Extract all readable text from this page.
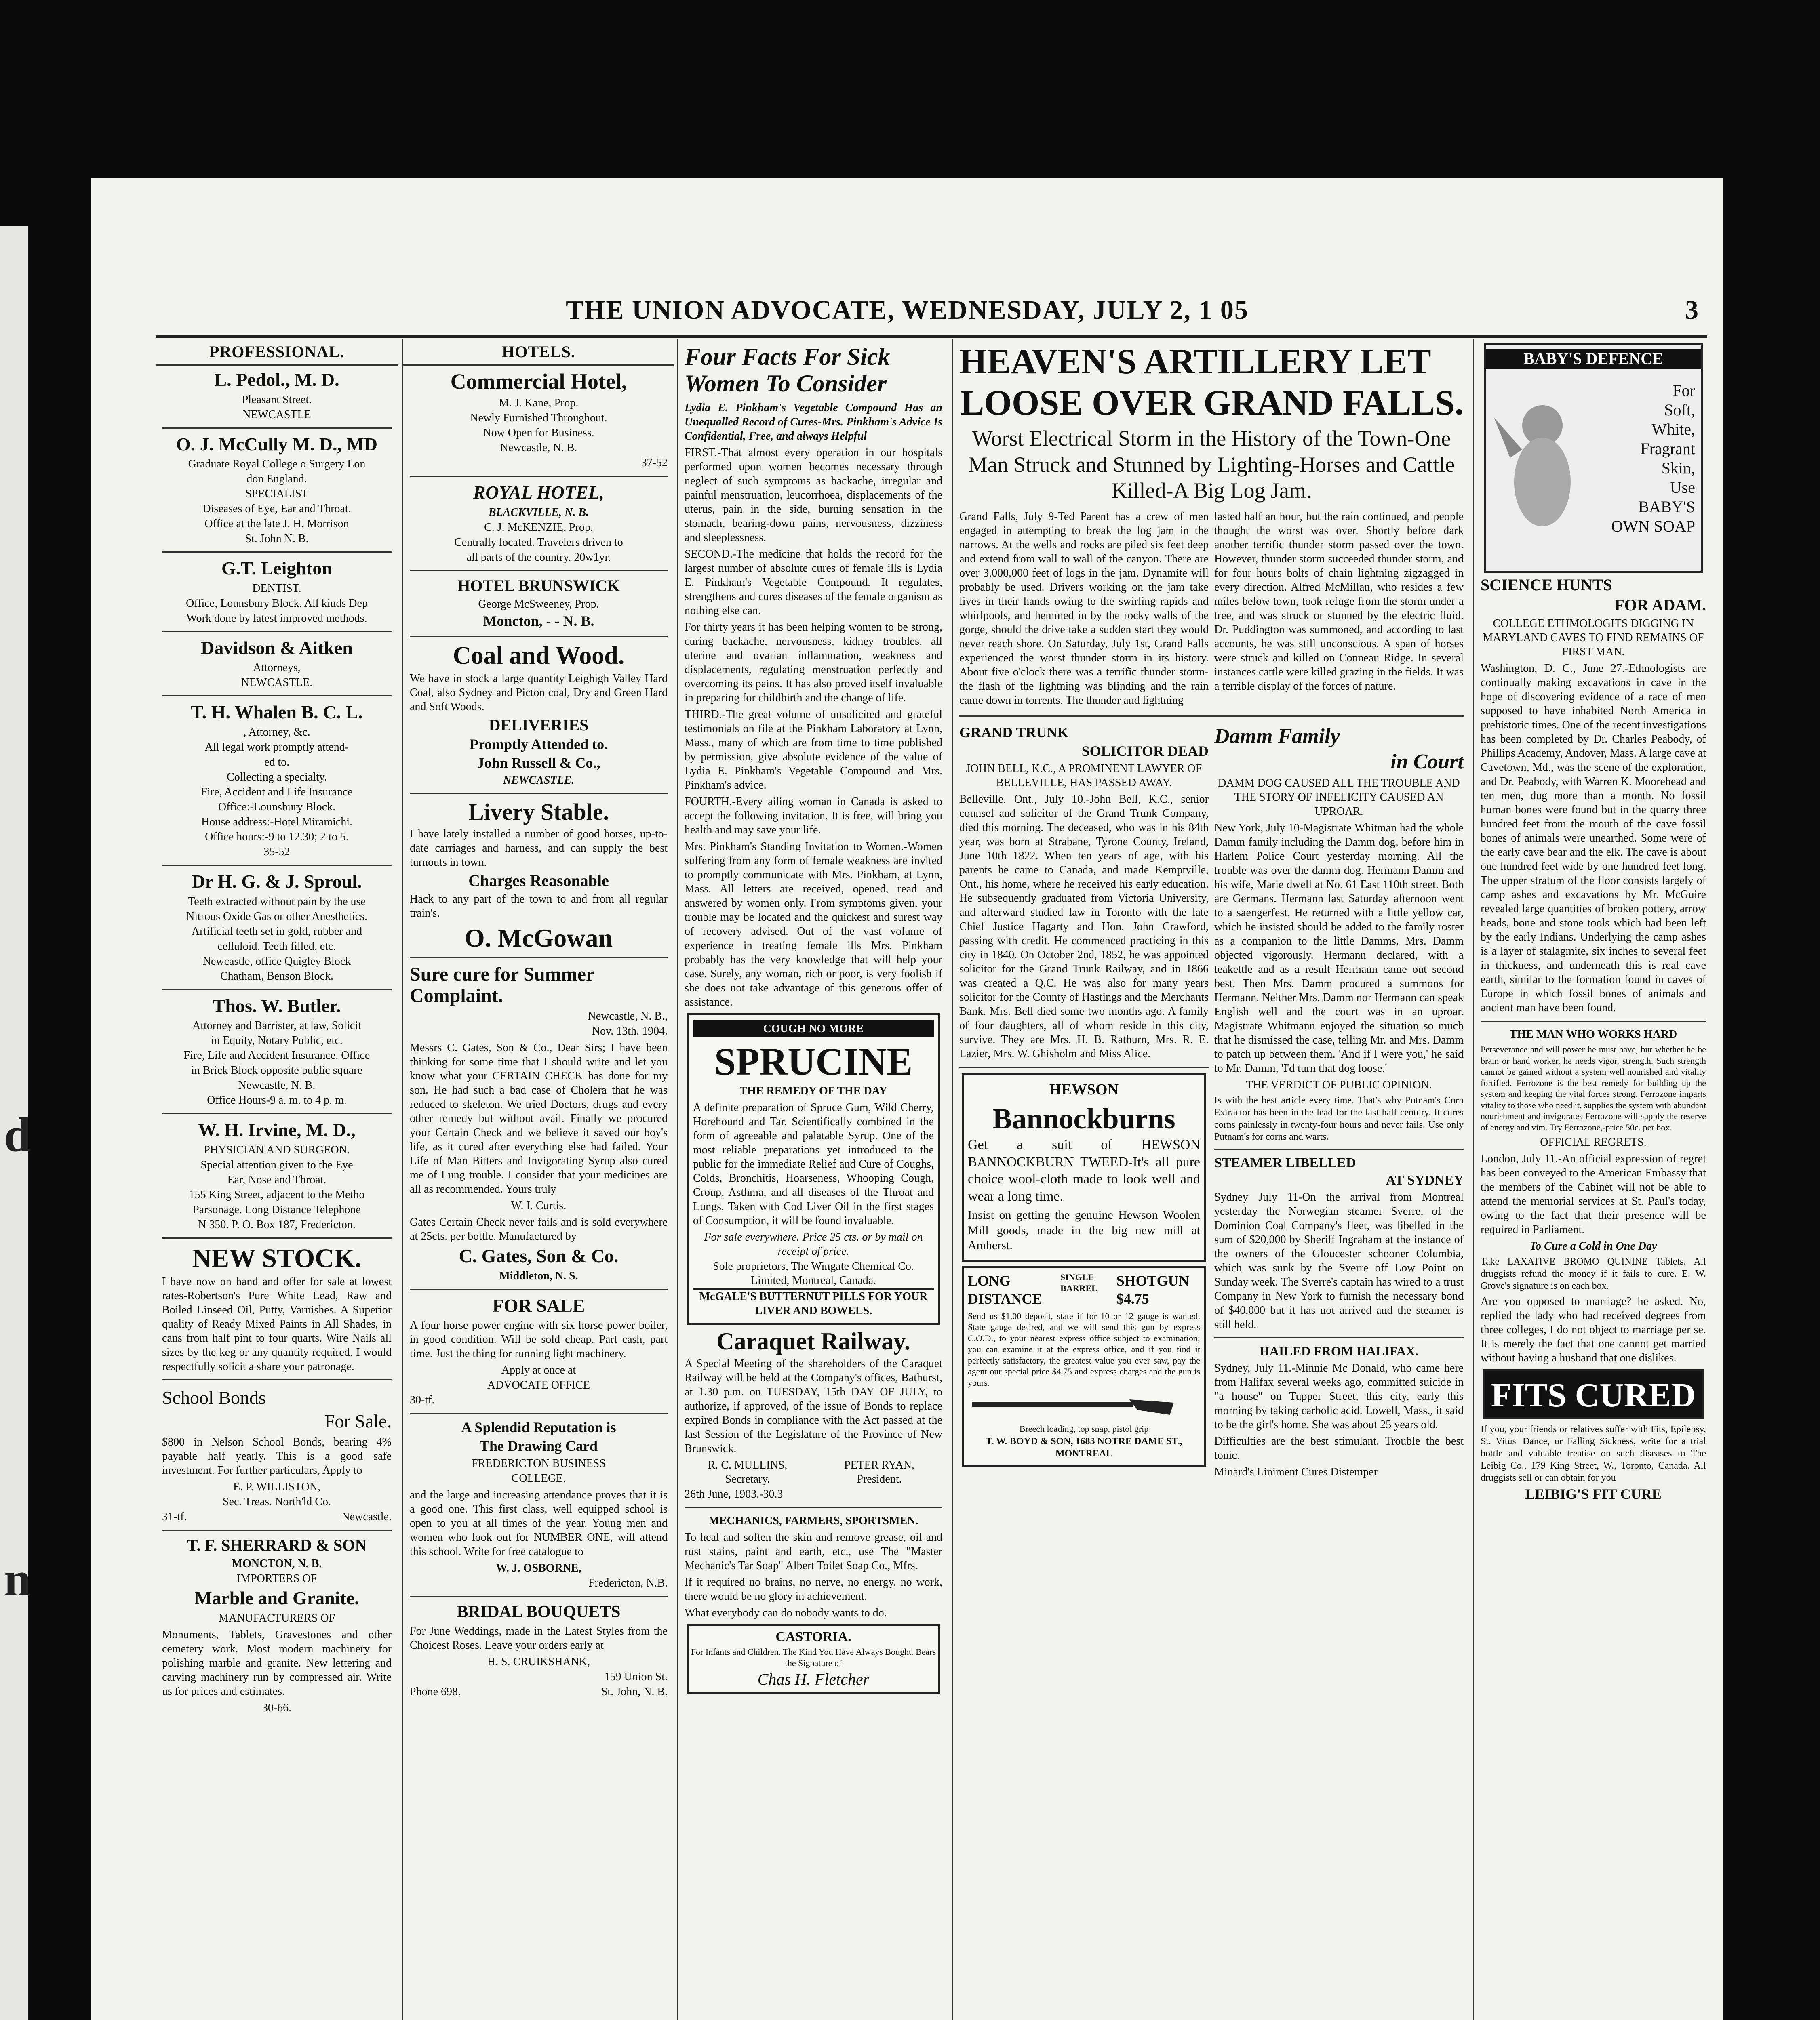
d
n
THE UNION ADVOCATE, WEDNESDAY, JULY 2, 1 05	3
PROFESSIONAL.
L. Pedol., M. D.
Pleasant Street.
NEWCASTLE
O. J. McCully M. D., MD
Graduate Royal College o Surgery Lon
don England.
SPECIALIST
Diseases of Eye, Ear and Throat.
Office at the late J. H. Morrison
St. John N. B.
G.T. Leighton
DENTIST.
Office, Lounsbury Block. All kinds Dep
Work done by latest improved methods.
Davidson & Aitken
Attorneys,
NEWCASTLE.
T. H. Whalen B. C. L.
, Attorney, &c.
All legal work promptly attend-
ed to.
Collecting a specialty.
Fire, Accident and Life Insurance
Office:-Lounsbury Block.
House address:-Hotel Miramichi.
Office hours:-9 to 12.30; 2 to 5.
35-52
Dr H. G. & J. Sproul.
Teeth extracted without pain by the use
Nitrous Oxide Gas or other Anesthetics.
Artificial teeth set in gold, rubber and
celluloid. Teeth filled, etc.
Newcastle, office Quigley Block
Chatham, Benson Block.
Thos. W. Butler.
Attorney and Barrister, at law, Solicit
in Equity, Notary Public, etc.
Fire, Life and Accident Insurance. Office
in Brick Block opposite public square
Newcastle, N. B.
Office Hours-9 a. m. to 4 p. m.
W. H. Irvine, M. D.,
PHYSICIAN AND SURGEON.
Special attention given to the Eye
Ear, Nose and Throat.
155 King Street, adjacent to the Metho
Parsonage. Long Distance Telephone
N 350. P. O. Box 187, Fredericton.
NEW STOCK.
I have now on hand and offer for sale at lowest rates-Robertson's Pure White Lead, Raw and Boiled Linseed Oil, Putty, Varnishes. A Superior quality of Ready Mixed Paints in All Shades, in cans from half pint to four quarts. Wire Nails all sizes by the keg or any quantity required. I would respectfully solicit a share your patronage.
School Bonds
For Sale.
$800 in Nelson School Bonds, bearing 4% payable half yearly. This is a good safe investment. For further particulars, Apply to
E. P. WILLISTON,
Sec. Treas. North'ld Co.
31-tf.	Newcastle.
T. F. SHERRARD & SON
MONCTON, N. B.
IMPORTERS OF
Marble and Granite.
MANUFACTURERS OF
Monuments, Tablets, Gravestones and other cemetery work. Most modern machinery for polishing marble and granite. New lettering and carving machinery run by compressed air. Write us for prices and estimates.
30-66.
HOTELS.
Commercial Hotel,
M. J. Kane, Prop.
Newly Furnished Throughout.
Now Open for Business.
Newcastle, N. B.
37-52
ROYAL HOTEL,
BLACKVILLE, N. B.
C. J. McKENZIE, Prop.
Centrally located. Travelers driven to
all parts of the country. 20w1yr.
HOTEL BRUNSWICK
George McSweeney, Prop.
Moncton, - - N. B.
Coal and Wood.
We have in stock a large quantity Leighigh Valley Hard Coal, also Sydney and Picton coal, Dry and Green Hard and Soft Woods.
DELIVERIES
Promptly Attended to.
John Russell & Co.,
NEWCASTLE.
Livery Stable.
I have lately installed a number of good horses, up-to-date carriages and harness, and can supply the best turnouts in town.
Charges Reasonable
Hack to any part of the town to and from all regular train's.
O. McGowan
Sure cure for Summer Complaint.
Newcastle, N. B.,
Nov. 13th. 1904.
Messrs C. Gates, Son & Co., Dear Sirs; I have been thinking for some time that I should write and let you know what your CERTAIN CHECK has done for my son. He had such a bad case of Cholera that he was reduced to skeleton. We tried Doctors, drugs and every other remedy but without avail. Finally we procured your Certain Check and we believe it saved our boy's life, as it cured after everything else had failed. Your Life of Man Bitters and Invigorating Syrup also cured me of Lung trouble. I consider that your medicines are all as recommended. Yours truly
W. I. Curtis.
Gates Certain Check never fails and is sold everywhere at 25cts. per bottle. Manufactured by
C. Gates, Son & Co.
Middleton, N. S.
FOR SALE
A four horse power engine with six horse power boiler, in good condition. Will be sold cheap. Part cash, part time. Just the thing for running light machinery.
Apply at once at
ADVOCATE OFFICE
30-tf.
A Splendid Reputation is
The Drawing Card
FREDERICTON BUSINESS
COLLEGE.
and the large and increasing attendance proves that it is a good one. This first class, well equipped school is open to you at all times of the year. Young men and women who look out for NUMBER ONE, will attend this school. Write for free catalogue to
W. J. OSBORNE,
Fredericton, N.B.
BRIDAL BOUQUETS
For June Weddings, made in the Latest Styles from the Choicest Roses. Leave your orders early at
H. S. CRUIKSHANK,
159 Union St.
Phone 698.	St. John, N. B.
Four Facts For Sick Women To Consider
Lydia E. Pinkham's Vegetable Compound Has an Unequalled Record of Cures-Mrs. Pinkham's Advice Is Confidential, Free, and always Helpful
FIRST.-That almost every operation in our hospitals performed upon women becomes necessary through neglect of such symptoms as backache, irregular and painful menstruation, leucorrhoea, displacements of the uterus, pain in the side, burning sensation in the stomach, bearing-down pains, nervousness, dizziness and sleeplessness.
SECOND.-The medicine that holds the record for the largest number of absolute cures of female ills is Lydia E. Pinkham's Vegetable Compound. It regulates, strengthens and cures diseases of the female organism as nothing else can.
For thirty years it has been helping women to be strong, curing backache, nervousness, kidney troubles, all uterine and ovarian inflammation, weakness and displacements, regulating menstruation perfectly and overcoming its pains. It has also proved itself invaluable in preparing for childbirth and the change of life.
THIRD.-The great volume of unsolicited and grateful testimonials on file at the Pinkham Laboratory at Lynn, Mass., many of which are from time to time published by permission, give absolute evidence of the value of Lydia E. Pinkham's Vegetable Compound and Mrs. Pinkham's advice.
FOURTH.-Every ailing woman in Canada is asked to accept the following invitation. It is free, will bring you health and may save your life.
Mrs. Pinkham's Standing Invitation to Women.-Women suffering from any form of female weakness are invited to promptly communicate with Mrs. Pinkham, at Lynn, Mass. All letters are received, opened, read and answered by women only. From symptoms given, your trouble may be located and the quickest and surest way of recovery advised. Out of the vast volume of experience in treating female ills Mrs. Pinkham probably has the very knowledge that will help your case. Surely, any woman, rich or poor, is very foolish if she does not take advantage of this generous offer of assistance.
COUGH NO MORE
SPRUCINE
THE REMEDY OF THE DAY
A definite preparation of Spruce Gum, Wild Cherry, Horehound and Tar. Scientifically combined in the form of agreeable and palatable Syrup. One of the most reliable preparations yet introduced to the public for the immediate Relief and Cure of Coughs, Colds, Bronchitis, Hoarseness, Whooping Cough, Croup, Asthma, and all diseases of the Throat and Lungs. Taken with Cod Liver Oil in the first stages of Consumption, it will be found invaluable.
For sale everywhere. Price 25 cts. or by mail on receipt of price.
Sole proprietors, The Wingate Chemical Co. Limited, Montreal, Canada.
McGALE'S BUTTERNUT PILLS FOR YOUR LIVER AND BOWELS.
Caraquet Railway.
A Special Meeting of the shareholders of the Caraquet Railway will be held at the Company's offices, Bathurst, at 1.30 p.m. on TUESDAY, 15th DAY OF JULY, to authorize, if approved, of the issue of Bonds to replace expired Bonds in compliance with the Act passed at the last Session of the Legislature of the Province of New Brunswick.
R. C. MULLINS,
Secretary.
PETER RYAN,
President.
26th June, 1903.-30.3
MECHANICS, FARMERS, SPORTSMEN.
To heal and soften the skin and remove grease, oil and rust stains, paint and earth, etc., use The "Master Mechanic's Tar Soap" Albert Toilet Soap Co., Mfrs.
If it required no brains, no nerve, no energy, no work, there would be no glory in achievement.
What everybody can do nobody wants to do.
CASTORIA.
For Infants and Children. The Kind You Have Always Bought. Bears the Signature of
Chas H. Fletcher
HEAVEN'S ARTILLERY LET
LOOSE OVER GRAND FALLS.
Worst Electrical Storm in the History of the Town-One Man Struck and Stunned by Lighting-Horses and Cattle Killed-A Big Log Jam.
Grand Falls, July 9-Ted Parent has a crew of men engaged in attempting to break the log jam in the narrows. At the wells and rocks are piled six feet deep and extend from wall to wall of the canyon. There are over 3,000,000 feet of logs in the jam. Dynamite will probably be used. Drivers working on the jam take lives in their hands owing to the swirling rapids and whirlpools, and hemmed in by the rocky walls of the gorge, should the drive take a sudden start they would never reach shore. On Saturday, July 1st, Grand Falls experienced the worst thunder storm in its history. About five o'clock there was a terrific thunder storm-the flash of the lightning was blinding and the rain came down in torrents. The thunder and lightning
lasted half an hour, but the rain continued, and people thought the worst was over. Shortly before dark another terrific thunder storm passed over the town. However, thunder storm succeeded thunder storm, and for four hours bolts of chain lightning zigzagged in every direction. Alfred McMillan, who resides a few miles below town, took refuge from the storm under a tree, and was struck or stunned by the electric fluid. Dr. Puddington was summoned, and according to last accounts, he was still unconscious. A span of horses were struck and killed on Conneau Ridge. In several instances cattle were killed grazing in the fields. It was a terrible display of the forces of nature.
GRAND TRUNK
SOLICITOR DEAD
JOHN BELL, K.C., A PROMINENT LAWYER OF BELLEVILLE, HAS PASSED AWAY.
Belleville, Ont., July 10.-John Bell, K.C., senior counsel and solicitor of the Grand Trunk Company, died this morning. The deceased, who was in his 84th year, was born at Strabane, Tyrone County, Ireland, June 10th 1822. When ten years of age, with his parents he came to Canada, and made Kemptville, Ont., his home, where he received his early education. He subsequently graduated from Victoria University, and afterward studied law in Toronto with the late Chief Justice Hagarty and Hon. John Crawford, passing with credit. He commenced practicing in this city in 1840. On October 2nd, 1852, he was appointed solicitor for the Grand Trunk Railway, and in 1866 was created a Q.C. He was also for many years solicitor for the County of Hastings and the Merchants Bank. Mrs. Bell died some two months ago. A family of four daughters, all of whom reside in this city, survive. They are Mrs. H. B. Rathurn, Mrs. R. E. Lazier, Mrs. W. Ghisholm and Miss Alice.
HEWSON
Bannockburns
Get a suit of HEWSON BANNOCKBURN TWEED-It's all pure choice wool-cloth made to look well and wear a long time.
Insist on getting the genuine Hewson Woolen Mill goods, made in the big new mill at Amherst.
LONG DISTANCE
SINGLE BARREL	SHOTGUN $4.75
Send us $1.00 deposit, state if for 10 or 12 gauge is wanted. State gauge desired, and we will send this gun by express C.O.D., to your nearest express office subject to examination; you can examine it at the express office, and if you find it perfectly satisfactory, the greatest value you ever saw, pay the agent our special price $4.75 and express charges and the gun is yours.
Breech loading, top snap, pistol grip
T. W. BOYD & SON, 1683 NOTRE DAME ST., MONTREAL
Damm Family
in Court
DAMM DOG CAUSED ALL THE TROUBLE AND THE STORY OF INFELICITY CAUSED AN UPROAR.
New York, July 10-Magistrate Whitman had the whole Damm family including the Damm dog, before him in Harlem Police Court yesterday morning. All the trouble was over the damm dog. Hermann Damm and his wife, Marie dwell at No. 61 East 110th street. Both are Germans. Hermann last Saturday afternoon went to a saengerfest. He returned with a little yellow car, which he insisted should be added to the family roster as a companion to the little Damms. Mrs. Damm objected vigorously. Hermann declared, with a teakettle and as a result Hermann came out second best. Then Mrs. Damm procured a summons for Hermann. Neither Mrs. Damm nor Hermann can speak English well and the court was in an uproar. Magistrate Whitmann enjoyed the situation so much that he dismissed the case, telling Mr. and Mrs. Damm to patch up between them. 'And if I were you,' he said to Mr. Damm, 'I'd turn that dog loose.'
THE VERDICT OF PUBLIC OPINION.
Is with the best article every time. That's why Putnam's Corn Extractor has been in the lead for the last half century. It cures corns painlessly in twenty-four hours and never fails. Use only Putnam's for corns and warts.
STEAMER LIBELLED
AT SYDNEY
Sydney July 11-On the arrival from Montreal yesterday the Norwegian steamer Sverre, of the Dominion Coal Company's fleet, was libelled in the sum of $20,000 by Sheriff Ingraham at the instance of the owners of the Gloucester schooner Columbia, which was sunk by the Sverre off Low Point on Sunday week. The Sverre's captain has wired to a trust Company in New York to furnish the necessary bond of $40,000 but it has not arrived and the steamer is still held.
HAILED FROM HALIFAX.
Sydney, July 11.-Minnie Mc Donald, who came here from Halifax several weeks ago, committed suicide in "a house" on Tupper Street, this city, early this morning by taking carbolic acid. Lowell, Mass., it said to be the girl's home. She was about 25 years old.
Difficulties are the best stimulant. Trouble the best tonic.
Minard's Liniment Cures Distemper
BABY'S DEFENCE
For
Soft,
White,
Fragrant
Skin,
Use
BABY'S
OWN SOAP
SCIENCE HUNTS
FOR ADAM.
COLLEGE ETHMOLOGITS DIGGING IN MARYLAND CAVES TO FIND REMAINS OF FIRST MAN.
Washington, D. C., June 27.-Ethnologists are continually making excavations in cave in the hope of discovering evidence of a race of men supposed to have inhabited North America in prehistoric times. One of the recent investigations has been completed by Dr. Charles Peabody, of Phillips Academy, Andover, Mass. A large cave at Cavetown, Md., was the scene of the exploration, and Dr. Peabody, with Warren K. Moorehead and ten men, dug more than a month. No fossil human bones were found but in the quarry three hundred feet from the mouth of the cave fossil bones of animals were unearthed. Some were of the early cave bear and the elk. The cave is about one hundred feet wide by one hundred feet long. The upper stratum of the floor consists largely of camp ashes and excavations by Mr. McGuire revealed large quantities of broken pottery, arrow heads, bone and stone tools which had been left by the early Indians. Underlying the camp ashes is a layer of stalagmite, six inches to several feet in thickness, and underneath this is real cave earth, similar to the formation found in caves of Europe in which fossil bones of animals and ancient man have been found.
THE MAN WHO WORKS HARD
Perseverance and will power he must have, but whether he be brain or hand worker, he needs vigor, strength. Such strength cannot be gained without a system well nourished and vitality fortified. Ferrozone is the best remedy for building up the system and keeping the vital forces strong. Ferrozone imparts vitality to those who need it, supplies the system with abundant nourishment and invigorates Ferrozone will supply the reserve of energy and vim. Try Ferrozone,-price 50c. per box.
OFFICIAL REGRETS.
London, July 11.-An official expression of regret has been conveyed to the American Embassy that the members of the Cabinet will not be able to attend the memorial services at St. Paul's today, owing to the fact that their presence will be required in Parliament.
To Cure a Cold in One Day
Take LAXATIVE BROMO QUININE Tablets. All druggists refund the money if it fails to cure. E. W. Grove's signature is on each box.
Are you opposed to marriage? he asked. No, replied the lady who had received degrees from three colleges, I do not object to marriage per se. It is merely the fact that one cannot get married without having a husband that one dislikes.
FITS CURED
If you, your friends or relatives suffer with Fits, Epilepsy, St. Vitus' Dance, or Falling Sickness, write for a trial bottle and valuable treatise on such diseases to The Leibig Co., 179 King Street, W., Toronto, Canada. All druggists sell or can obtain for you
LEIBIG'S FIT CURE
